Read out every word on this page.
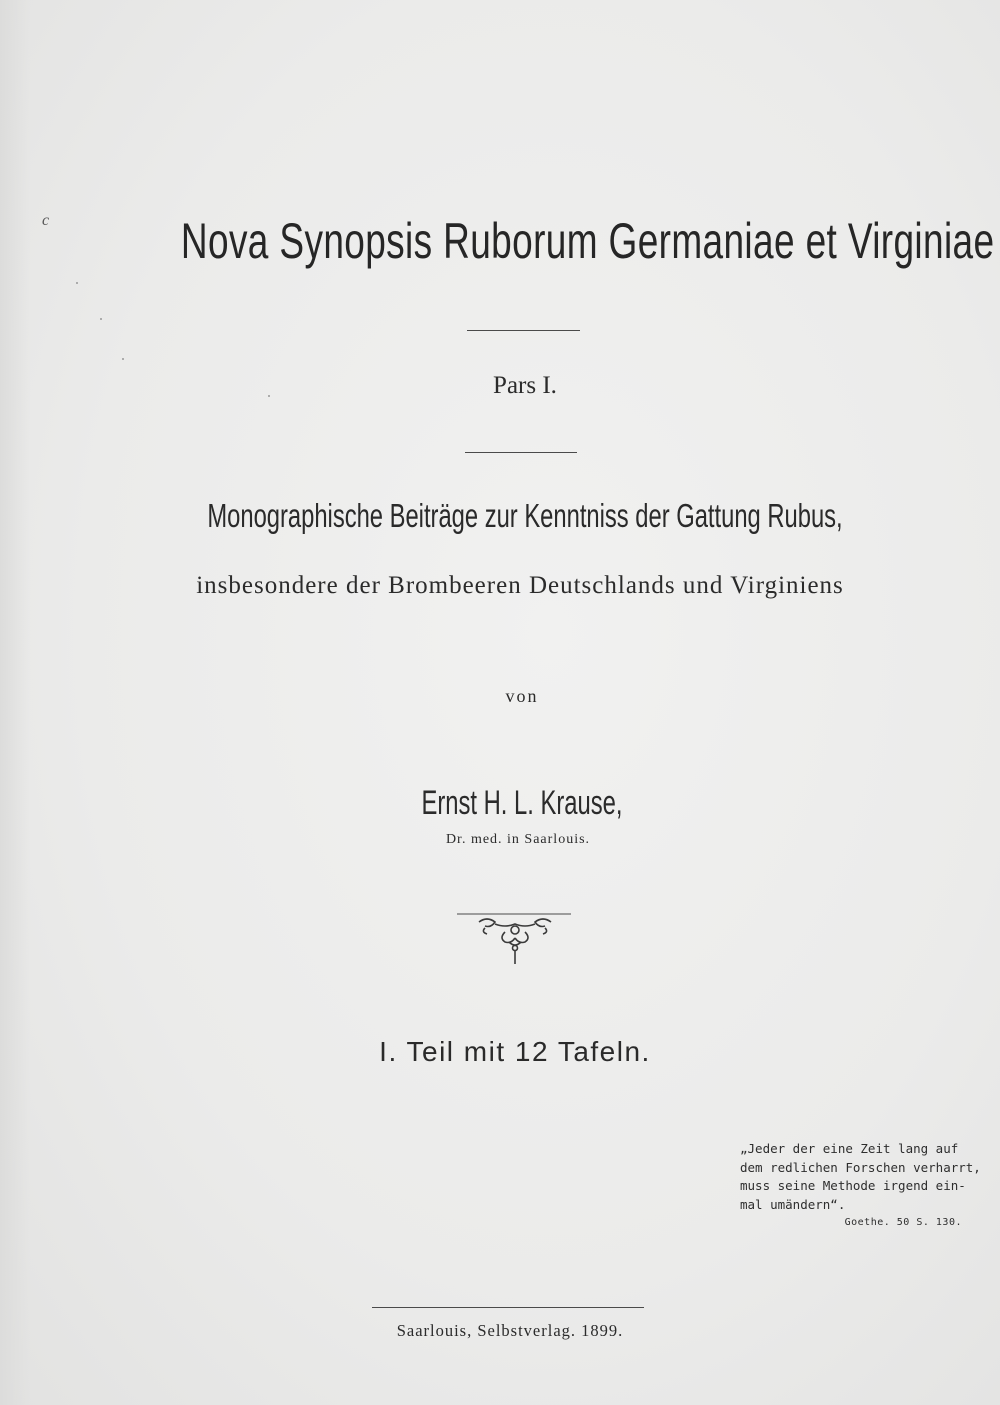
c	Nova Synopsis Ruborum Germaniae et Virginiae
Pars I.
Monographische Beiträge zur Kenntniss der Gattung Rubus,
insbesondere der Brombeeren Deutschlands und Virginiens
von
Ernst H. L. Krause,
Dr. med. in Saarlouis.
I. Teil mit 12 Tafeln.
„Jeder der eine Zeit lang auf
dem redlichen Forschen verharrt,
muss seine Methode irgend ein-
mal umändern“.
Goethe. 50 S. 130.
Saarlouis, Selbstverlag. 1899.
